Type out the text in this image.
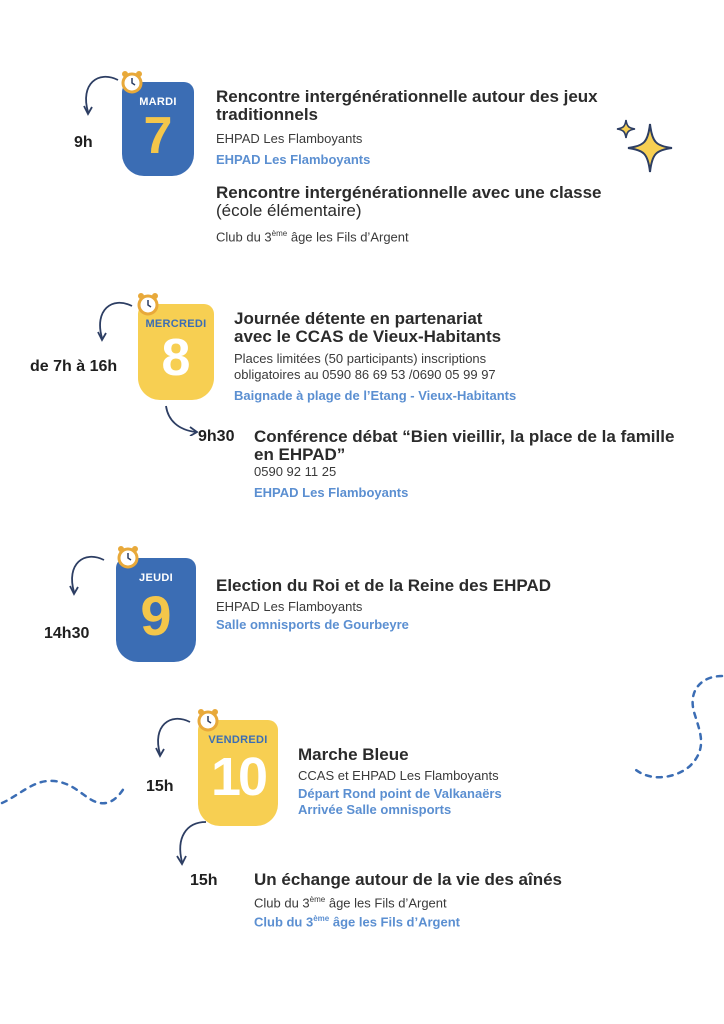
9h
MARDI
7
Rencontre intergénérationnelle autour des jeux traditionnels
EHPAD Les Flamboyants
EHPAD Les Flamboyants
Rencontre intergénérationnelle avec une classe
(école élémentaire)
Club du 3ème âge les Fils d’Argent
de 7h à 16h
MERCREDI
8
Journée détente en partenariat
avec le CCAS de Vieux-Habitants
Places limitées (50 participants) inscriptions
obligatoires au 0590 86 69 53 /0690 05 99 97
Baignade à plage de l’Etang - Vieux-Habitants
9h30 Conférence débat “Bien vieillir, la place de la famille
en EHPAD”
0590 92 11 25
EHPAD Les Flamboyants
14h30
JEUDI
9	Election du Roi et de la Reine des EHPAD
EHPAD Les Flamboyants
Salle omnisports de Gourbeyre
15h
VENDREDI
10	Marche Bleue
CCAS et EHPAD Les Flamboyants
Départ Rond point de Valkanaërs
Arrivée Salle omnisports
15h Un échange autour de la vie des aînés
Club du 3ème âge les Fils d’Argent
Club du 3ème âge les Fils d’Argent
